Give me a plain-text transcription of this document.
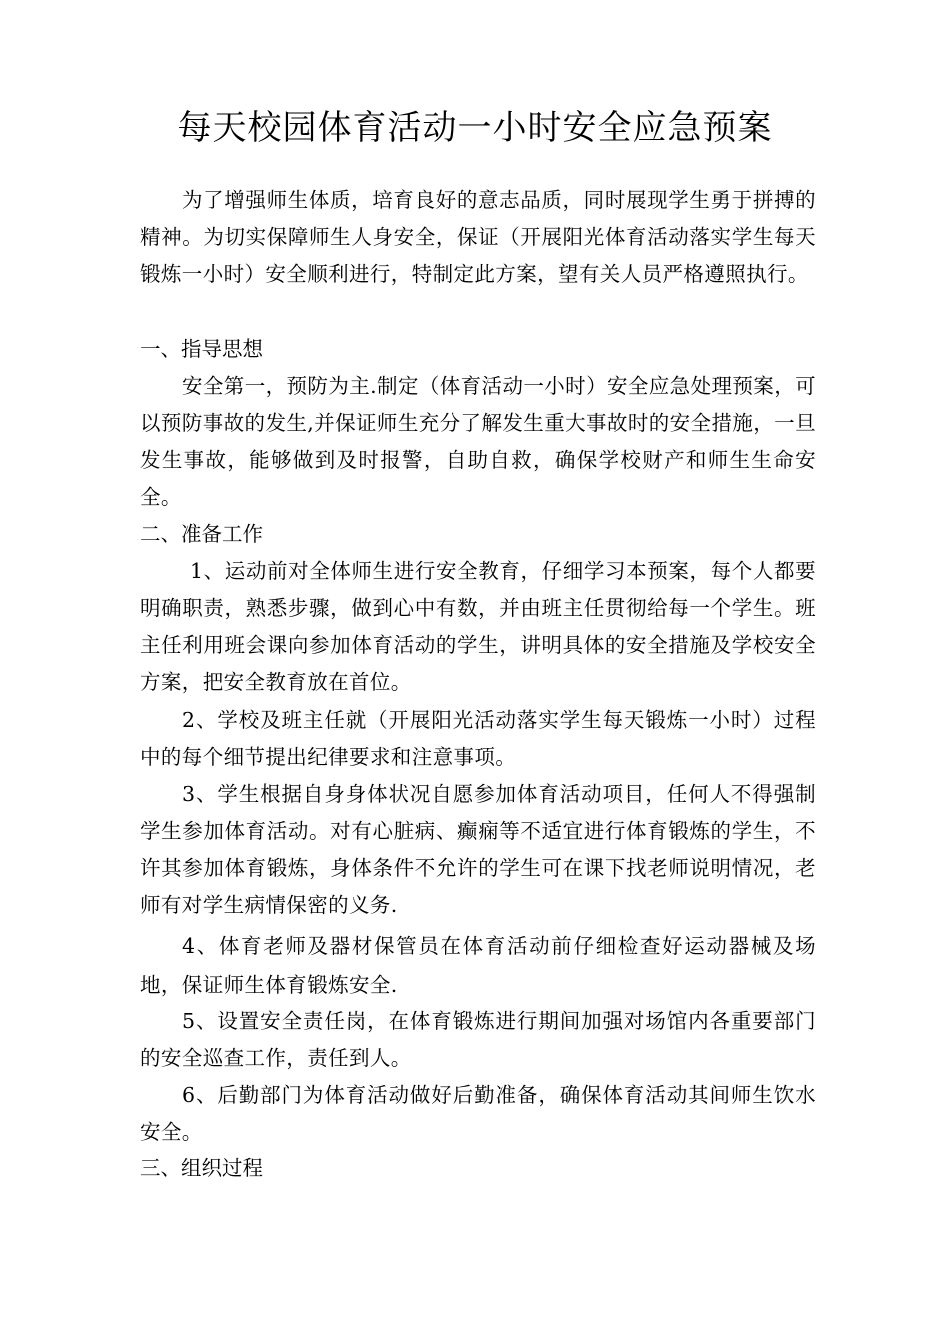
每天校园体育活动一小时安全应急预案

为了增强师生体质，培育良好的意志品质，同时展现学生勇于拼搏的精神。为切实保障师生人身安全，保证（开展阳光体育活动落实学生每天锻炼一小时）安全顺利进行，特制定此方案，望有关人员严格遵照执行。

一、指导思想

安全第一，预防为主.制定（体育活动一小时）安全应急处理预案，可以预防事故的发生,并保证师生充分了解发生重大事故时的安全措施，一旦发生事故，能够做到及时报警，自助自救，确保学校财产和师生生命安全。

二、准备工作

1、运动前对全体师生进行安全教育，仔细学习本预案，每个人都要明确职责，熟悉步骤，做到心中有数，并由班主任贯彻给每一个学生。班主任利用班会课向参加体育活动的学生，讲明具体的安全措施及学校安全方案，把安全教育放在首位。

2、学校及班主任就（开展阳光活动落实学生每天锻炼一小时）过程中的每个细节提出纪律要求和注意事项。

3、学生根据自身身体状况自愿参加体育活动项目，任何人不得强制学生参加体育活动。对有心脏病、癫痫等不适宜进行体育锻炼的学生，不许其参加体育锻炼，身体条件不允许的学生可在课下找老师说明情况，老师有对学生病情保密的义务.

4、体育老师及器材保管员在体育活动前仔细检查好运动器械及场地，保证师生体育锻炼安全.

5、设置安全责任岗，在体育锻炼进行期间加强对场馆内各重要部门的安全巡查工作，责任到人。

6、后勤部门为体育活动做好后勤准备，确保体育活动其间师生饮水安全。

三、组织过程
